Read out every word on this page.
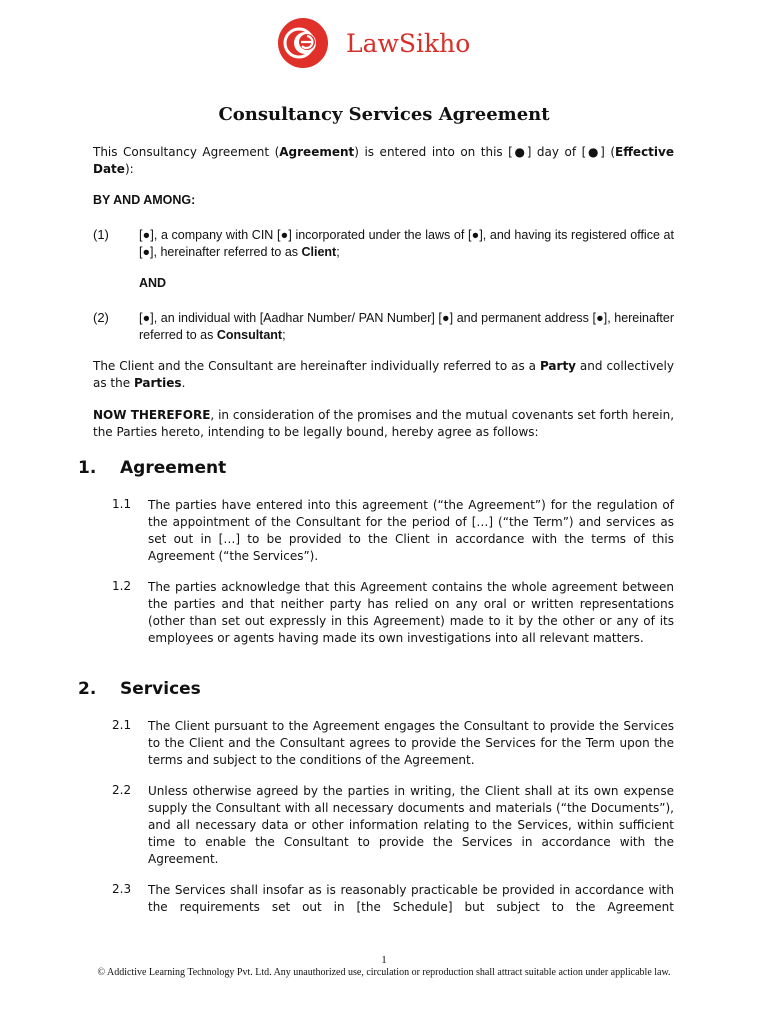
LawSikho
Consultancy Services Agreement
This Consultancy Agreement (Agreement) is entered into on this [●] day of [●] (Effective Date):
BY AND AMONG:
(1) [●], a company with CIN [●] incorporated under the laws of [●], and having its registered office at [●], hereinafter referred to as Client;
AND
(2) [●], an individual with [Aadhar Number/ PAN Number] [●] and permanent address [●], hereinafter referred to as Consultant;
The Client and the Consultant are hereinafter individually referred to as a Party and collectively as the Parties.
NOW THEREFORE, in consideration of the promises and the mutual covenants set forth herein, the Parties hereto, intending to be legally bound, hereby agree as follows:
1. Agreement
1.1 The parties have entered into this agreement (“the Agreement”) for the regulation of the appointment of the Consultant for the period of […] (“the Term”) and services as set out in […] to be provided to the Client in accordance with the terms of this Agreement (“the Services”).
1.2 The parties acknowledge that this Agreement contains the whole agreement between the parties and that neither party has relied on any oral or written representations (other than set out expressly in this Agreement) made to it by the other or any of its employees or agents having made its own investigations into all relevant matters.
2. Services
2.1 The Client pursuant to the Agreement engages the Consultant to provide the Services to the Client and the Consultant agrees to provide the Services for the Term upon the terms and subject to the conditions of the Agreement.
2.2 Unless otherwise agreed by the parties in writing, the Client shall at its own expense supply the Consultant with all necessary documents and materials (“the Documents”), and all necessary data or other information relating to the Services, within sufficient time to enable the Consultant to provide the Services in accordance with the Agreement.
2.3 The Services shall insofar as is reasonably practicable be provided in accordance with the requirements set out in [the Schedule] but subject to the Agreement
1
© Addictive Learning Technology Pvt. Ltd. Any unauthorized use, circulation or reproduction shall attract suitable action under applicable law.
